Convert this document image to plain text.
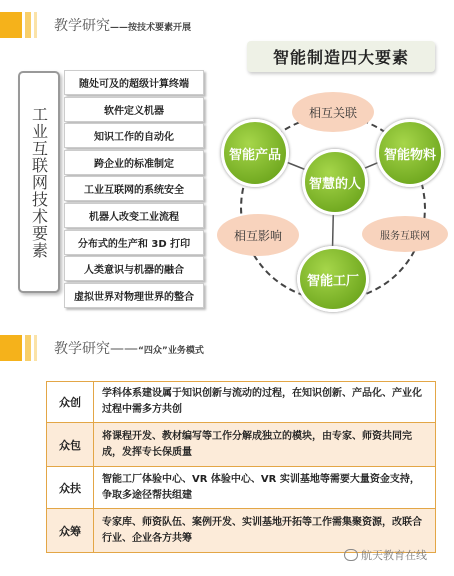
教学研究——按技术要素开展
工业互联网技术要素
随处可及的超级计算终端
软件定义机器
知识工作的自动化
跨企业的标准制定
工业互联网的系统安全
机器人改变工业流程
分布式的生产和 3D 打印
人类意识与机器的融合
虚拟世界对物理世界的整合
智能制造四大要素
相互关联
智能产品	智能物料
智慧的人
相互影响	服务互联网
智能工厂
教学研究——“四众”业务模式
众创	学科体系建设属于知识创新与流动的过程，在知识创新、产品化、产业化过程中需多方共创
众包	将课程开发、教材编写等工作分解成独立的模块，由专家、师资共同完成，发挥专长保质量
众扶	智能工厂体验中心、VR 体验中心、VR 实训基地等需要大量资金支持，争取多途径帮扶组建
众筹	专家库、师资队伍、案例开发、实训基地开拓等工作需集聚资源，改联合行业、企业各方共筹
航天教育在线
